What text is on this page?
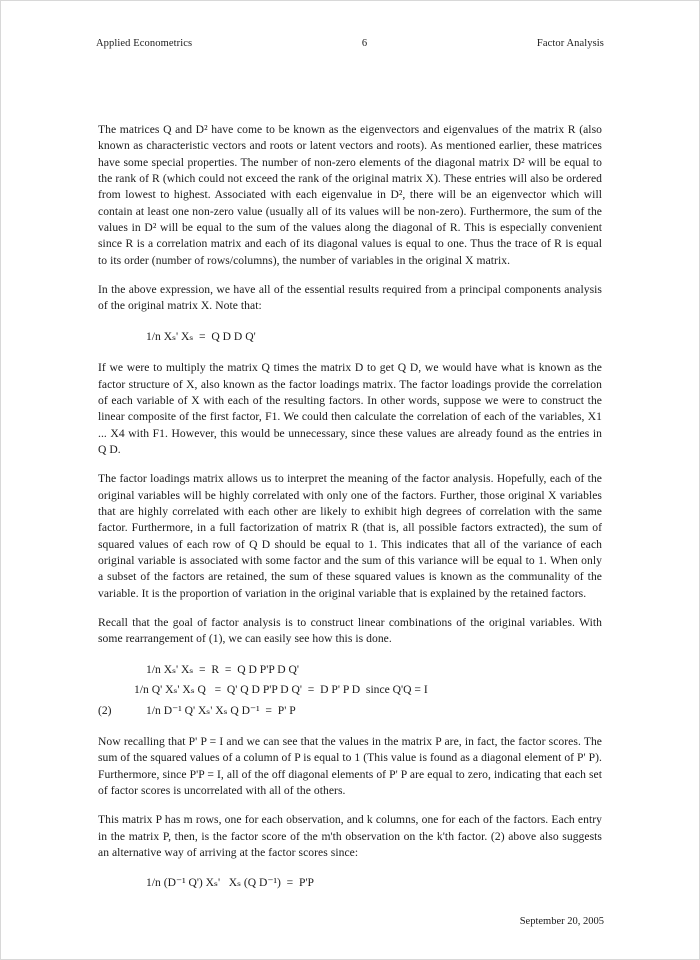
Applied Econometrics	6	Factor Analysis

The matrices Q and D² have come to be known as the eigenvectors and eigenvalues of the matrix R (also known as characteristic vectors and roots or latent vectors and roots). As mentioned earlier, these matrices have some special properties. The number of non-zero elements of the diagonal matrix D² will be equal to the rank of R (which could not exceed the rank of the original matrix X). These entries will also be ordered from lowest to highest. Associated with each eigenvalue in D², there will be an eigenvector which will contain at least one non-zero value (usually all of its values will be non-zero). Furthermore, the sum of the values in D² will be equal to the sum of the values along the diagonal of R. This is especially convenient since R is a correlation matrix and each of its diagonal values is equal to one. Thus the trace of R is equal to its order (number of rows/columns), the number of variables in the original X matrix.

In the above expression, we have all of the essential results required from a principal components analysis of the original matrix X. Note that:

1/n Xₛ' Xₛ  =  Q D D Q'

If we were to multiply the matrix Q times the matrix D to get Q D, we would have what is known as the factor structure of X, also known as the factor loadings matrix. The factor loadings provide the correlation of each variable of X with each of the resulting factors. In other words, suppose we were to construct the linear composite of the first factor, F1. We could then calculate the correlation of each of the variables, X1 ... X4 with F1. However, this would be unnecessary, since these values are already found as the entries in Q D.

The factor loadings matrix allows us to interpret the meaning of the factor analysis. Hopefully, each of the original variables will be highly correlated with only one of the factors. Further, those original X variables that are highly correlated with each other are likely to exhibit high degrees of correlation with the same factor. Furthermore, in a full factorization of matrix R (that is, all possible factors extracted), the sum of squared values of each row of Q D should be equal to 1. This indicates that all of the variance of each original variable is associated with some factor and the sum of this variance will be equal to 1. When only a subset of the factors are retained, the sum of these squared values is known as the communality of the variable. It is the proportion of variation in the original variable that is explained by the retained factors.

Recall that the goal of factor analysis is to construct linear combinations of the original variables. With some rearrangement of (1), we can easily see how this is done.

1/n Xₛ' Xₛ  =  R  =  Q D P'P D Q'
1/n Q' Xₛ' Xₛ Q   =  Q' Q D P'P D Q'  =  D P' P D  since Q'Q = I
(2)	1/n D⁻¹ Q' Xₛ' Xₛ Q D⁻¹  =  P' P

Now recalling that P' P = I and we can see that the values in the matrix P are, in fact, the factor scores. The sum of the squared values of a column of P is equal to 1 (This value is found as a diagonal element of P' P). Furthermore, since P'P = I, all of the off diagonal elements of P' P are equal to zero, indicating that each set of factor scores is uncorrelated with all of the others.

This matrix P has m rows, one for each observation, and k columns, one for each of the factors. Each entry in the matrix P, then, is the factor score of the m'th observation on the k'th factor. (2) above also suggests an alternative way of arriving at the factor scores since:

1/n (D⁻¹ Q') Xₛ'   Xₛ (Q D⁻¹)  =  P'P
September 20, 2005
